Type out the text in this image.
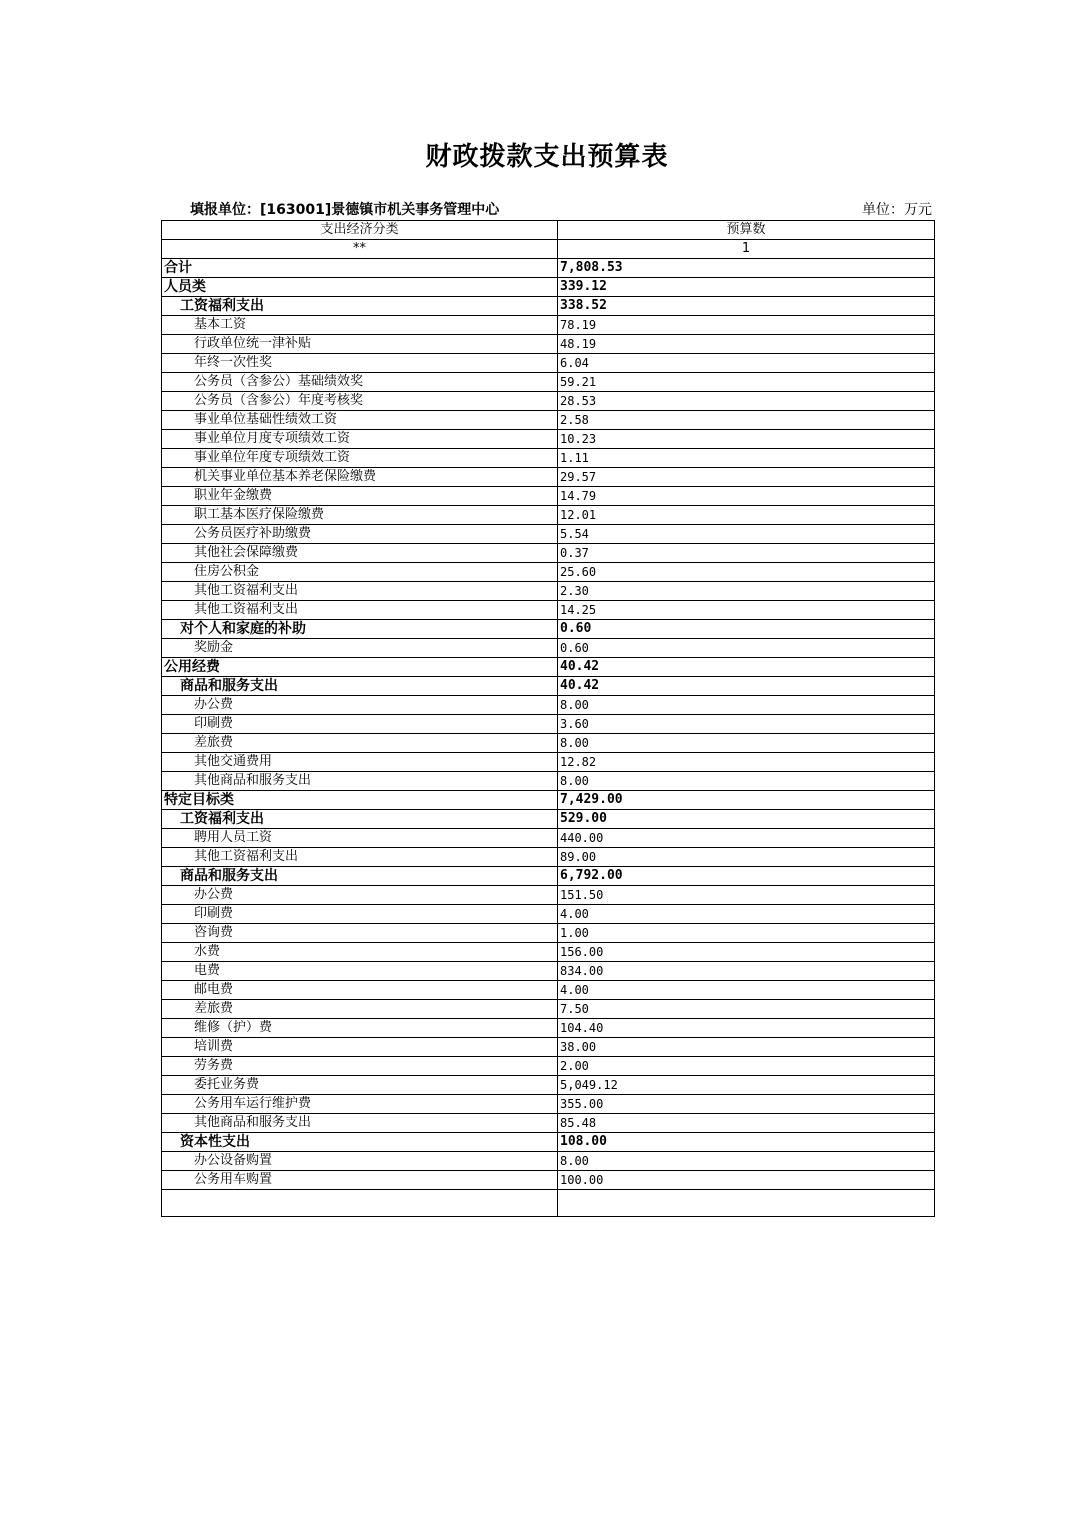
财政拨款支出预算表
填报单位：[163001]景德镇市机关事务管理中心	单位：万元
支出经济分类	预算数
**	1
合计	7,808.53
人员类	339.12
工资福利支出	338.52
基本工资	78.19
行政单位统一津补贴	48.19
年终一次性奖	6.04
公务员（含参公）基础绩效奖	59.21
公务员（含参公）年度考核奖	28.53
事业单位基础性绩效工资	2.58
事业单位月度专项绩效工资	10.23
事业单位年度专项绩效工资	1.11
机关事业单位基本养老保险缴费	29.57
职业年金缴费	14.79
职工基本医疗保险缴费	12.01
公务员医疗补助缴费	5.54
其他社会保障缴费	0.37
住房公积金	25.60
其他工资福利支出	2.30
其他工资福利支出	14.25
对个人和家庭的补助	0.60
奖励金	0.60
公用经费	40.42
商品和服务支出	40.42
办公费	8.00
印刷费	3.60
差旅费	8.00
其他交通费用	12.82
其他商品和服务支出	8.00
特定目标类	7,429.00
工资福利支出	529.00
聘用人员工资	440.00
其他工资福利支出	89.00
商品和服务支出	6,792.00
办公费	151.50
印刷费	4.00
咨询费	1.00
水费	156.00
电费	834.00
邮电费	4.00
差旅费	7.50
维修（护）费	104.40
培训费	38.00
劳务费	2.00
委托业务费	5,049.12
公务用车运行维护费	355.00
其他商品和服务支出	85.48
资本性支出	108.00
办公设备购置	8.00
公务用车购置	100.00
